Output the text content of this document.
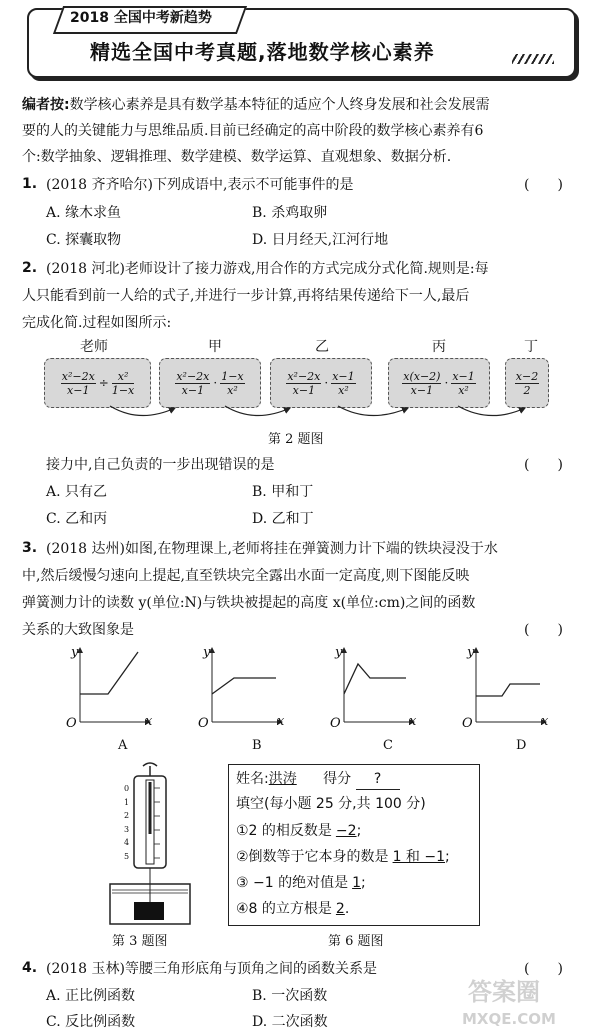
2018 全国中考新趋势
精选全国中考真题,落地数学核心素养
编者按:数学核心素养是具有数学基本特征的适应个人终身发展和社会发展需
要的人的关键能力与思维品质.目前已经确定的高中阶段的数学核心素养有6
个:数学抽象、逻辑推理、数学建模、数学运算、直观想象、数据分析.
1. (2018 齐齐哈尔)下列成语中,表示不可能事件的是	(　　)
A. 缘木求鱼	B. 杀鸡取卵
C. 探囊取物	D. 日月经天,江河行地
2. (2018 河北)老师设计了接力游戏,用合作的方式完成分式化简.规则是:每
人只能看到前一人给的式子,并进行一步计算,再将结果传递给下一人,最后
完成化简.过程如图所示:
老师	甲	乙	丙	丁
$\frac{\text{x²−2x}}{x-1} \div \frac{\text{x²}}{1-x}$	$\frac{\text{x²−2x}}{x-1} \cdot \frac{1-x}{\text{x²}}$	$\frac{\text{x²−2x}}{x-1} \cdot \frac{x-1}{\text{x²}}$	$\frac{x(x-2)}{x-1} \cdot \frac{x-1}{\text{x²}}$	$\frac{x-2}{2}$
第 2 题图
接力中,自己负责的一步出现错误的是	(　　)
A. 只有乙	B. 甲和丁
C. 乙和丙	D. 乙和丁
3. (2018 达州)如图,在物理课上,老师将挂在弹簧测力计下端的铁块浸没于水
中,然后缓慢匀速向上提起,直至铁块完全露出水面一定高度,则下图能反映
弹簧测力计的读数 y(单位:N)与铁块被提起的高度 x(单位:cm)之间的函数
关系的大致图象是	(　　)
y	y	y	y
O	O	O	O
x	x	x	x
A	B	C	D
0
1
2
3
4
5
第 3 题图
姓名:洪涛 得分 ?
填空(每小题 25 分,共 100 分)
①2 的相反数是 −2;
②倒数等于它本身的数是 1 和 −1;
③ −1 的绝对值是 1;
④8 的立方根是 2.
第 6 题图
4. (2018 玉林)等腰三角形底角与顶角之间的函数关系是	(　　)
A. 正比例函数	B. 一次函数
C. 反比例函数	D. 二次函数
答案圈
MXQE.COM
